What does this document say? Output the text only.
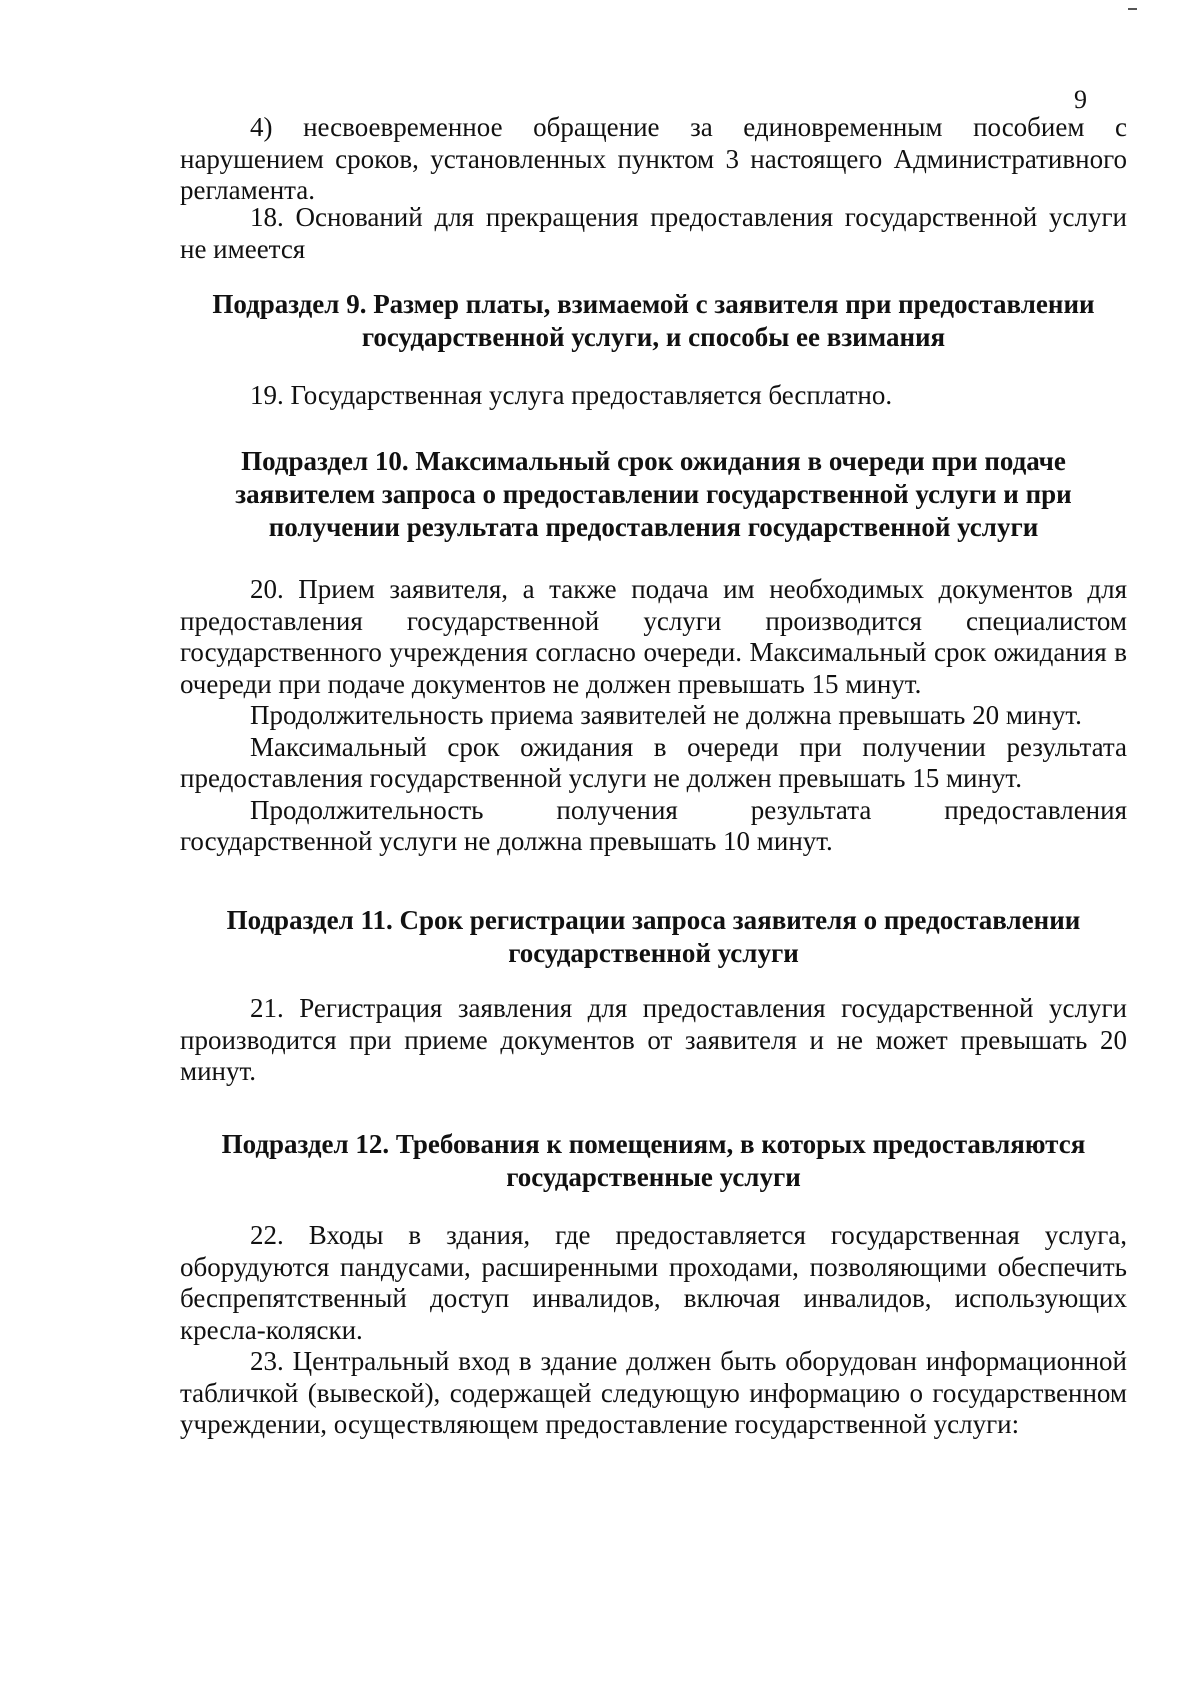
9

4) несвоевременное обращение за единовременным пособием с нарушением сроков, установленных пунктом 3 настоящего Административного регламента.

18. Оснований для прекращения предоставления государственной услуги не имеется

Подраздел 9. Размер платы, взимаемой с заявителя при предоставлении государственной услуги, и способы ее взимания

19. Государственная услуга предоставляется бесплатно.

Подраздел 10. Максимальный срок ожидания в очереди при подаче заявителем запроса о предоставлении государственной услуги и при получении результата предоставления государственной услуги

20. Прием заявителя, а также подача им необходимых документов для предоставления государственной услуги производится специалистом государственного учреждения согласно очереди. Максимальный срок ожидания в очереди при подаче документов не должен превышать 15 минут.

Продолжительность приема заявителей не должна превышать 20 минут.

Максимальный срок ожидания в очереди при получении результата предоставления государственной услуги не должен превышать 15 минут.

Продолжительность получения результата предоставления государственной услуги не должна превышать 10 минут.

Подраздел 11. Срок регистрации запроса заявителя о предоставлении государственной услуги

21. Регистрация заявления для предоставления государственной услуги производится при приеме документов от заявителя и не может превышать 20 минут.

Подраздел 12. Требования к помещениям, в которых предоставляются государственные услуги

22. Входы в здания, где предоставляется государственная услуга, оборудуются пандусами, расширенными проходами, позволяющими обеспечить беспрепятственный доступ инвалидов, включая инвалидов, использующих кресла-коляски.

23. Центральный вход в здание должен быть оборудован информационной табличкой (вывеской), содержащей следующую информацию о государственном учреждении, осуществляющем предоставление государственной услуги:
